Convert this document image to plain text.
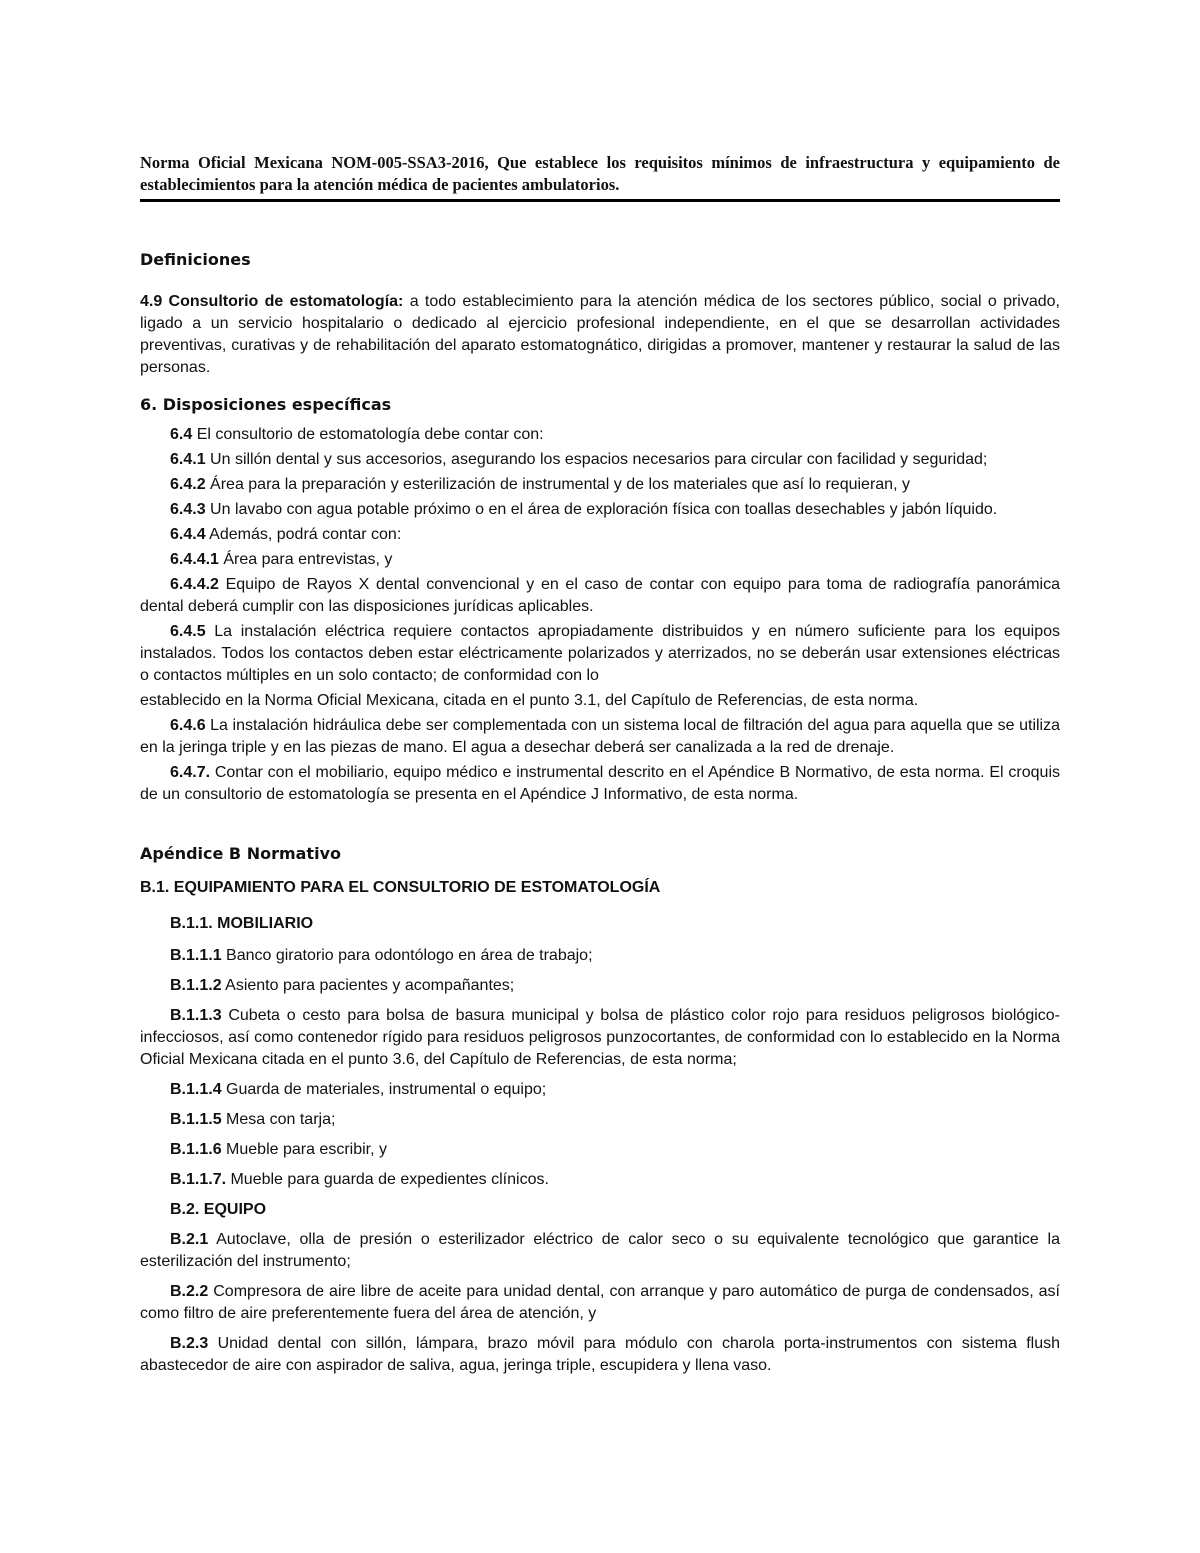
Norma Oficial Mexicana NOM-005-SSA3-2016, Que establece los requisitos mínimos de infraestructura y equipamiento de establecimientos para la atención médica de pacientes ambulatorios.
Definiciones

4.9 Consultorio de estomatología: a todo establecimiento para la atención médica de los sectores público, social o privado, ligado a un servicio hospitalario o dedicado al ejercicio profesional independiente, en el que se desarrollan actividades preventivas, curativas y de rehabilitación del aparato estomatognático, dirigidas a promover, mantener y restaurar la salud de las personas.

6. Disposiciones específicas

6.4 El consultorio de estomatología debe contar con:

6.4.1 Un sillón dental y sus accesorios, asegurando los espacios necesarios para circular con facilidad y seguridad;

6.4.2 Área para la preparación y esterilización de instrumental y de los materiales que así lo requieran, y

6.4.3 Un lavabo con agua potable próximo o en el área de exploración física con toallas desechables y jabón líquido.

6.4.4 Además, podrá contar con:

6.4.4.1 Área para entrevistas, y

6.4.4.2 Equipo de Rayos X dental convencional y en el caso de contar con equipo para toma de radiografía panorámica dental deberá cumplir con las disposiciones jurídicas aplicables.

6.4.5 La instalación eléctrica requiere contactos apropiadamente distribuidos y en número suficiente para los equipos instalados. Todos los contactos deben estar eléctricamente polarizados y aterrizados, no se deberán usar extensiones eléctricas o contactos múltiples en un solo contacto; de conformidad con lo

establecido en la Norma Oficial Mexicana, citada en el punto 3.1, del Capítulo de Referencias, de esta norma.

6.4.6 La instalación hidráulica debe ser complementada con un sistema local de filtración del agua para aquella que se utiliza en la jeringa triple y en las piezas de mano. El agua a desechar deberá ser canalizada a la red de drenaje.

6.4.7. Contar con el mobiliario, equipo médico e instrumental descrito en el Apéndice B Normativo, de esta norma. El croquis de un consultorio de estomatología se presenta en el Apéndice J Informativo, de esta norma.

Apéndice B Normativo

B.1. EQUIPAMIENTO PARA EL CONSULTORIO DE ESTOMATOLOGÍA

B.1.1. MOBILIARIO

B.1.1.1 Banco giratorio para odontólogo en área de trabajo;

B.1.1.2 Asiento para pacientes y acompañantes;

B.1.1.3 Cubeta o cesto para bolsa de basura municipal y bolsa de plástico color rojo para residuos peligrosos biológico-infecciosos, así como contenedor rígido para residuos peligrosos punzocortantes, de conformidad con lo establecido en la Norma Oficial Mexicana citada en el punto 3.6, del Capítulo de Referencias, de esta norma;

B.1.1.4 Guarda de materiales, instrumental o equipo;

B.1.1.5 Mesa con tarja;

B.1.1.6 Mueble para escribir, y

B.1.1.7. Mueble para guarda de expedientes clínicos.

B.2. EQUIPO

B.2.1 Autoclave, olla de presión o esterilizador eléctrico de calor seco o su equivalente tecnológico que garantice la esterilización del instrumento;

B.2.2 Compresora de aire libre de aceite para unidad dental, con arranque y paro automático de purga de condensados, así como filtro de aire preferentemente fuera del área de atención, y

B.2.3 Unidad dental con sillón, lámpara, brazo móvil para módulo con charola porta-instrumentos con sistema flush abastecedor de aire con aspirador de saliva, agua, jeringa triple, escupidera y llena vaso.
